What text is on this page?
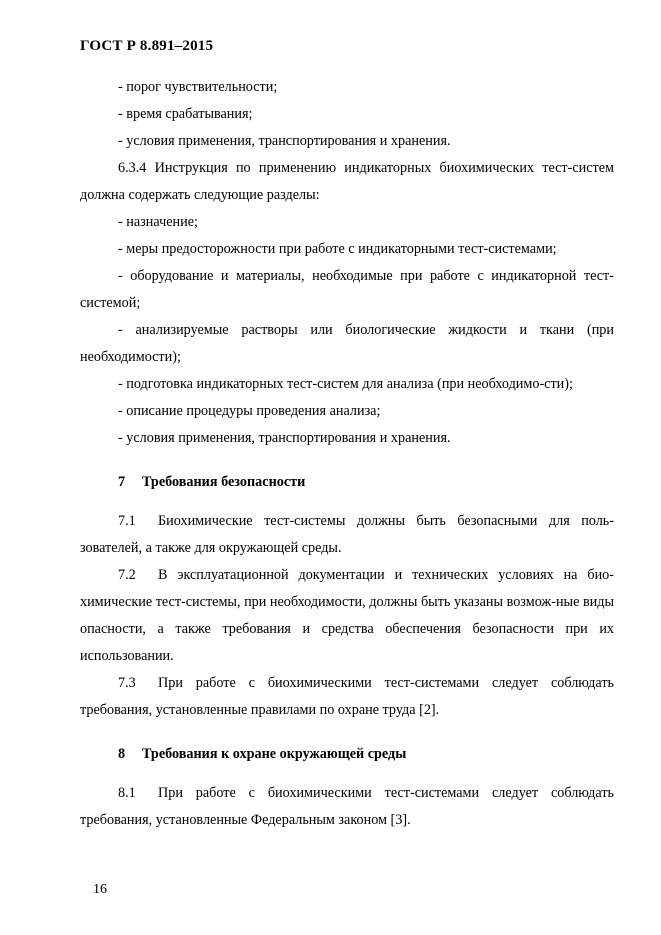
ГОСТ Р 8.891–2015

- порог чувствительности;

- время срабатывания;

- условия применения, транспортирования и хранения.

6.3.4 Инструкция по применению индикаторных биохимических тест-систем должна содержать следующие разделы:

- назначение;

- меры предосторожности при работе с индикаторными тест-системами;

- оборудование и материалы, необходимые при работе с индикаторной тест-системой;

- анализируемые растворы или биологические жидкости и ткани (при необходимости);

- подготовка индикаторных тест-систем для анализа (при необходимо-сти);

- описание процедуры проведения анализа;

- условия применения, транспортирования и хранения.

7 Требования безопасности

7.1 Биохимические тест-системы должны быть безопасными для поль-зователей, а также для окружающей среды.

7.2 В эксплуатационной документации и технических условиях на био-химические тест-системы, при необходимости, должны быть указаны возмож-ные виды опасности, а также требования и средства обеспечения безопасности при их использовании.

7.3 При работе с биохимическими тест-системами следует соблюдать требования, установленные правилами по охране труда [2].

8 Требования к охране окружающей среды

8.1 При работе с биохимическими тест-системами следует соблюдать требования, установленные Федеральным законом [3].

16
